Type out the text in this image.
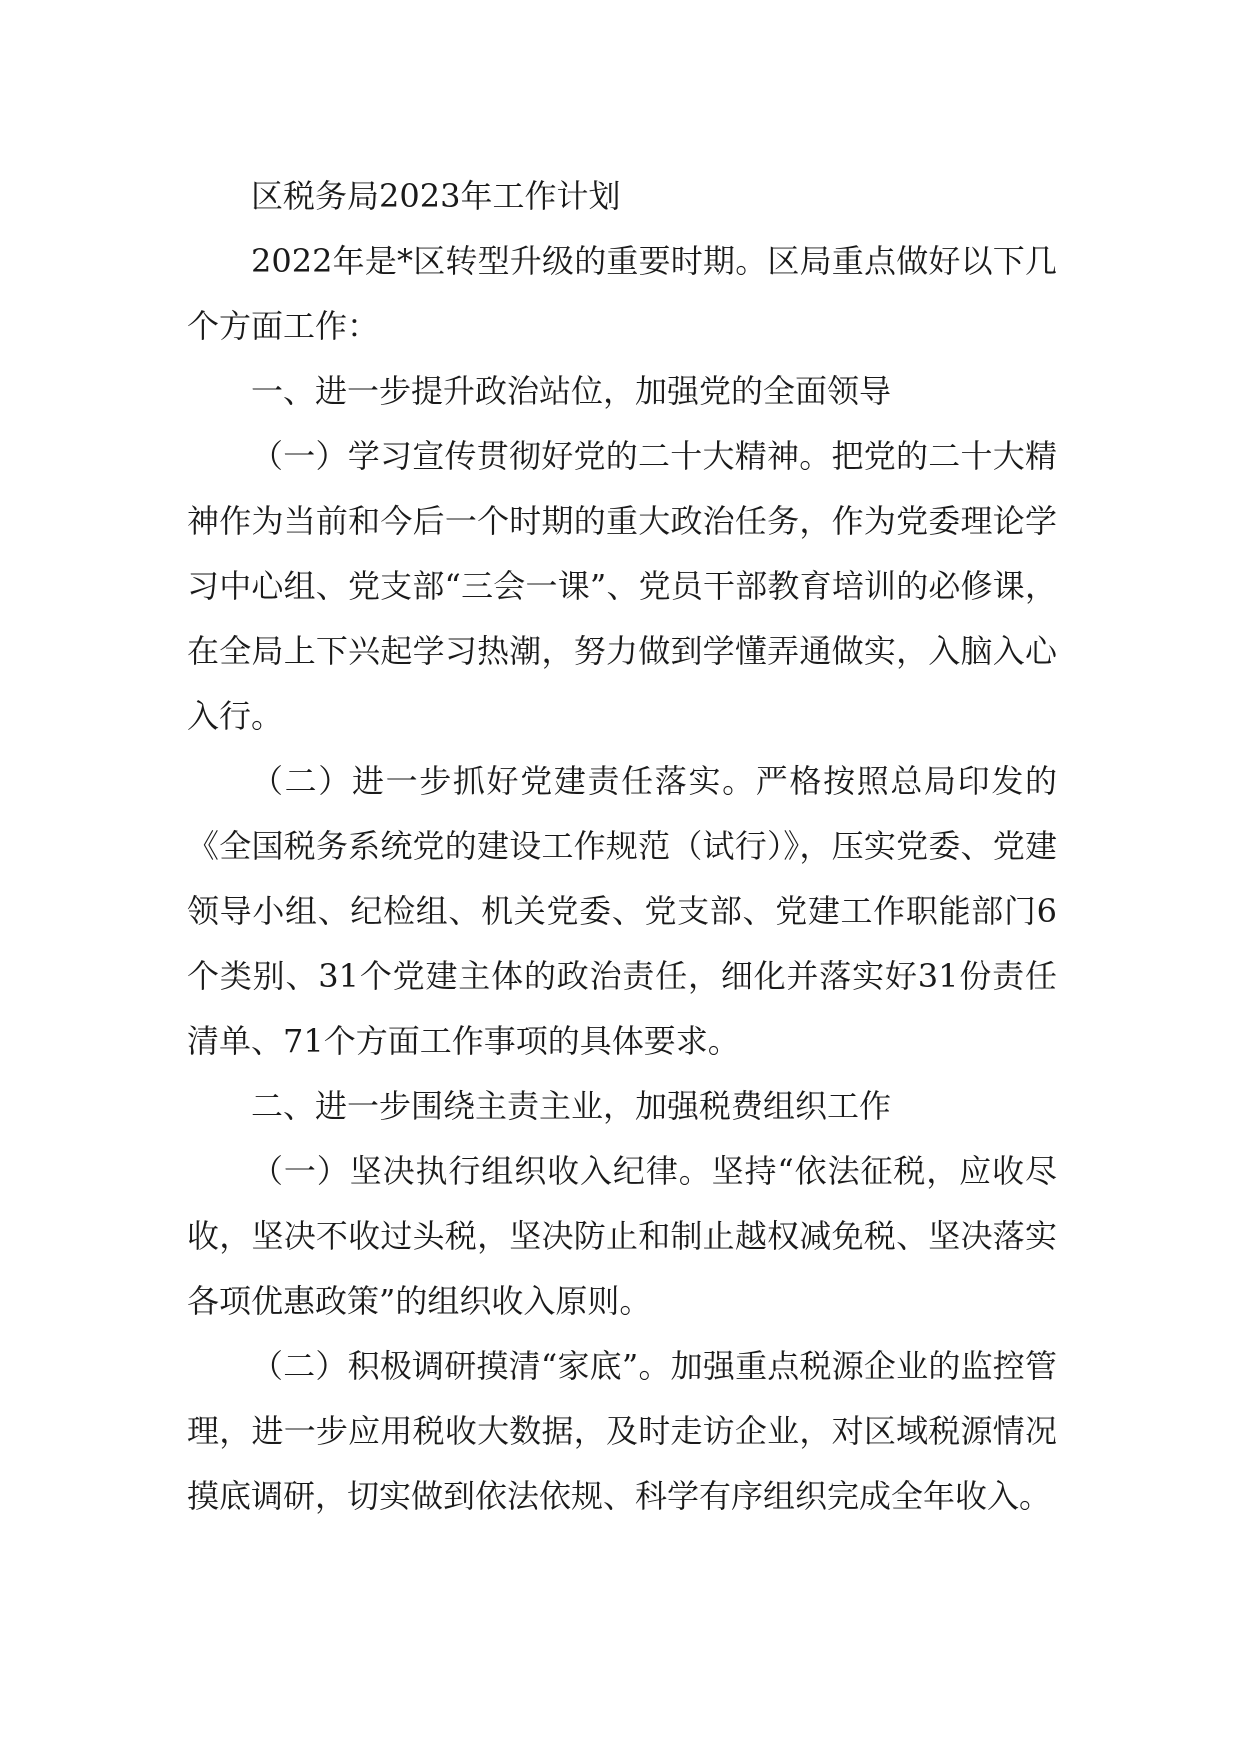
区税务局2023年工作计划

2022年是*区转型升级的重要时期。区局重点做好以下几个方面工作：

一、进一步提升政治站位，加强党的全面领导

（一）学习宣传贯彻好党的二十大精神。把党的二十大精神作为当前和今后一个时期的重大政治任务，作为党委理论学习中心组、党支部“三会一课”、党员干部教育培训的必修课，在全局上下兴起学习热潮，努力做到学懂弄通做实，入脑入心入行。

（二）进一步抓好党建责任落实。严格按照总局印发的《全国税务系统党的建设工作规范（试行）》，压实党委、党建领导小组、纪检组、机关党委、党支部、党建工作职能部门6个类别、31个党建主体的政治责任，细化并落实好31份责任清单、71个方面工作事项的具体要求。

二、进一步围绕主责主业，加强税费组织工作

（一）坚决执行组织收入纪律。坚持“依法征税，应收尽收，坚决不收过头税，坚决防止和制止越权减免税、坚决落实各项优惠政策”的组织收入原则。

（二）积极调研摸清“家底”。加强重点税源企业的监控管理，进一步应用税收大数据，及时走访企业，对区域税源情况摸底调研，切实做到依法依规、科学有序组织完成全年收入。
